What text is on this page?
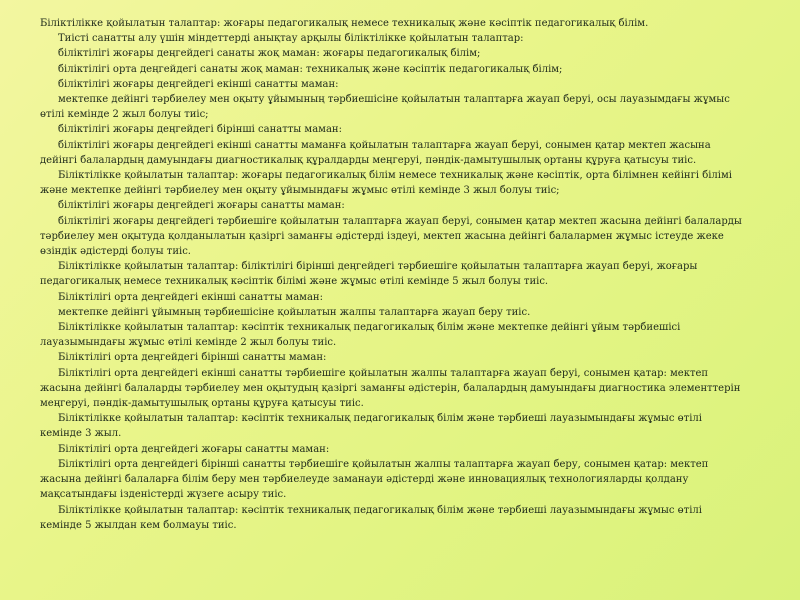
Біліктілікке қойылатын талаптар: жоғары педагогикалық немесе техникалық және кәсіптік педагогикалық білім.

Тиісті санатты алу үшін міндеттерді анықтау арқылы біліктілікке қойылатын талаптар:

біліктілігі жоғары деңгейдегі санаты жоқ маман: жоғары педагогикалық білім;

біліктілігі орта деңгейдегі санаты жоқ маман: техникалық және кәсіптік педагогикалық білім;

біліктілігі жоғары деңгейдегі екінші санатты маман:

мектепке дейінгі тәрбиелеу мен оқыту ұйымының тәрбиешісіне қойылатын талаптарға жауап беруі, осы лауазымдағы жұмыс өтілі кемінде 2 жыл болуы тиіс;

біліктілігі жоғары деңгейдегі бірінші санатты маман:

біліктілігі жоғары деңгейдегі екінші санатты маманға қойылатын талаптарға жауап беруі, сонымен қатар мектеп жасына дейінгі балалардың дамуындағы диагностикалық құралдарды меңгеруі, пәндік-дамытушылық ортаны құруға қатысуы тиіс.

Біліктілікке қойылатын талаптар: жоғары педагогикалық білім немесе техникалық және кәсіптік, орта білімнен кейінгі білімі және мектепке дейінгі тәрбиелеу мен оқыту ұйымындағы жұмыс өтілі кемінде 3 жыл болуы тиіс;

біліктілігі жоғары деңгейдегі жоғары санатты маман:

біліктілігі жоғары деңгейдегі тәрбиешіге қойылатын талаптарға жауап беруі, сонымен қатар мектеп жасына дейінгі балаларды тәрбиелеу мен оқытуда қолданылатын қазіргі заманғы әдістерді іздеуі, мектеп жасына дейінгі балалармен жұмыс істеуде жеке өзіндік әдістерді болуы тиіс.

Біліктілікке қойылатын талаптар: біліктілігі бірінші деңгейдегі тәрбиешіге қойылатын талаптарға жауап беруі, жоғары педагогикалық немесе техникалық кәсіптік білімі және жұмыс өтілі кемінде 5 жыл болуы тиіс.

Біліктілігі орта деңгейдегі екінші санатты маман:

мектепке дейінгі ұйымның тәрбиешісіне қойылатын жалпы талаптарға жауап беру тиіс.

Біліктілікке қойылатын талаптар: кәсіптік техникалық педагогикалық білім және мектепке дейінгі ұйым тәрбиешісі лауазымындағы жұмыс өтілі кемінде 2 жыл болуы тиіс.

Біліктілігі орта деңгейдегі бірінші санатты маман:

Біліктілігі орта деңгейдегі екінші санатты тәрбиешіге қойылатын жалпы талаптарға жауап беруі, сонымен қатар: мектеп жасына дейінгі балаларды тәрбиелеу мен оқытудың қазіргі заманғы әдістерін, балалардың дамуындағы диагностика элементтерін меңгеруі, пәндік-дамытушылық ортаны құруға қатысуы тиіс.

Біліктілікке қойылатын талаптар: кәсіптік техникалық педагогикалық білім және тәрбиеші лауазымындағы жұмыс өтілі кемінде 3 жыл.

Біліктілігі орта деңгейдегі жоғары санатты маман:

Біліктілігі орта деңгейдегі бірінші санатты тәрбиешіге қойылатын жалпы талаптарға жауап беру, сонымен қатар: мектеп жасына дейінгі балаларға білім беру мен тәрбиелеуде заманауи әдістерді және инновациялық технологияларды қолдану мақсатындағы ізденістерді жүзеге асыру тиіс.

Біліктілікке қойылатын талаптар: кәсіптік техникалық педагогикалық білім және тәрбиеші лауазымындағы жұмыс өтілі кемінде 5 жылдан кем болмауы тиіс.
